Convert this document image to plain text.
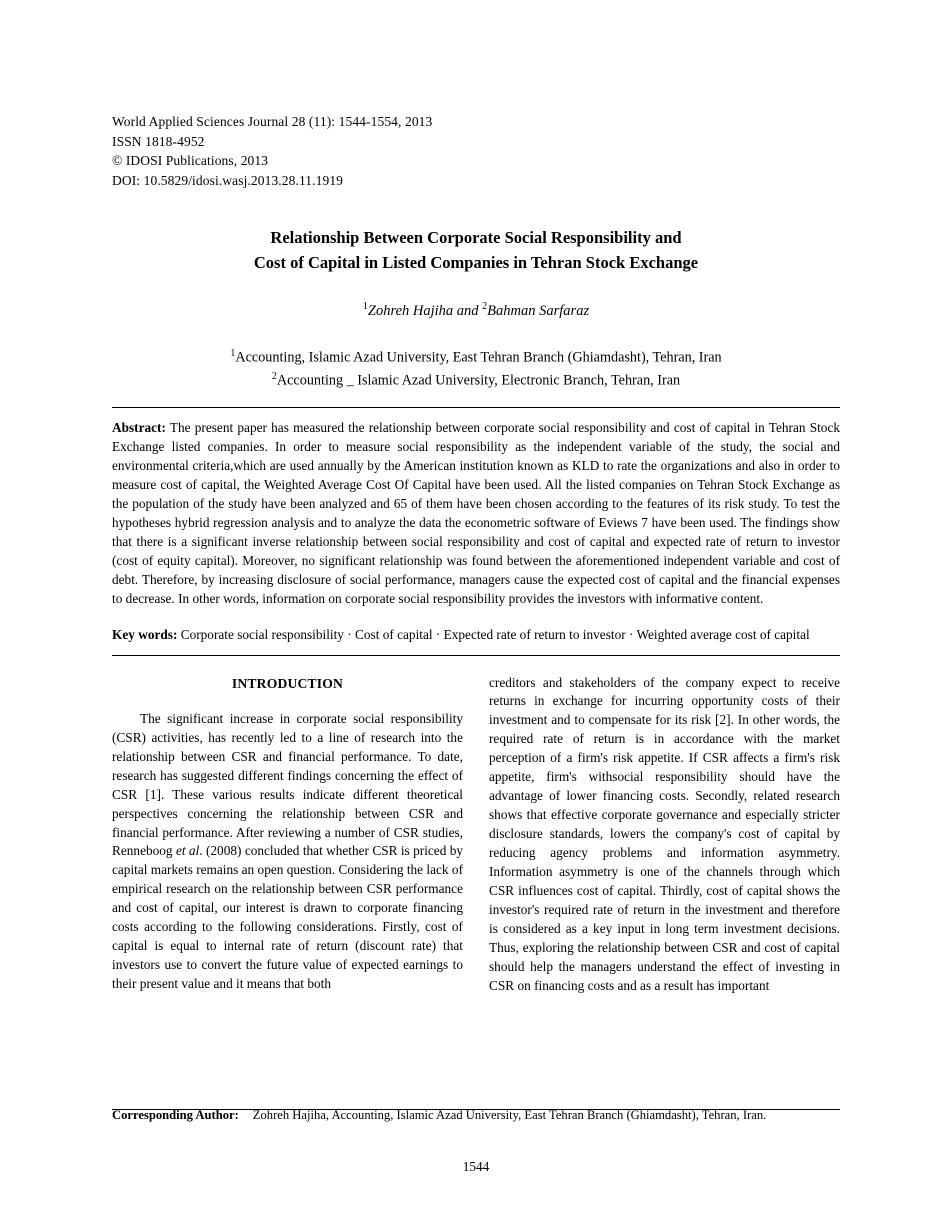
World Applied Sciences Journal 28 (11): 1544-1554, 2013
ISSN 1818-4952
© IDOSI Publications, 2013
DOI: 10.5829/idosi.wasj.2013.28.11.1919
Relationship Between Corporate Social Responsibility and
Cost of Capital in Listed Companies in Tehran Stock Exchange
$^1$Zohreh Hajiha and $^2$Bahman Sarfaraz
$^1$Accounting, Islamic Azad University, East Tehran Branch (Ghiamdasht), Tehran, Iran
$^2$Accounting _ Islamic Azad University, Electronic Branch, Tehran, Iran
Abstract: The present paper has measured the relationship between corporate social responsibility and cost of capital in Tehran Stock Exchange listed companies. In order to measure social responsibility as the independent variable of the study, the social and environmental criteria,which are used annually by the American institution known as KLD to rate the organizations and also in order to measure cost of capital, the Weighted Average Cost Of Capital have been used. All the listed companies on Tehran Stock Exchange as the population of the study have been analyzed and 65 of them have been chosen according to the features of its risk study. To test the hypotheses hybrid regression analysis and to analyze the data the econometric software of Eviews 7 have been used. The findings show that there is a significant inverse relationship between social responsibility and cost of capital and expected rate of return to investor (cost of equity capital). Moreover, no significant relationship was found between the aforementioned independent variable and cost of debt. Therefore, by increasing disclosure of social performance, managers cause the expected cost of capital and the financial expenses to decrease. In other words, information on corporate social responsibility provides the investors with informative content.
Key words: Corporate social responsibility · Cost of capital · Expected rate of return to investor · Weighted average cost of capital
INTRODUCTION

The significant increase in corporate social responsibility (CSR) activities, has recently led to a line of research into the relationship between CSR and financial performance. To date, research has suggested different findings concerning the effect of CSR [1]. These various results indicate different theoretical perspectives concerning the relationship between CSR and financial performance. After reviewing a number of CSR studies, Renneboog et al. (2008) concluded that whether CSR is priced by capital markets remains an open question. Considering the lack of empirical research on the relationship between CSR performance and cost of capital, our interest is drawn to corporate financing costs according to the following considerations. Firstly, cost of capital is equal to internal rate of return (discount rate) that investors use to convert the future value of expected earnings to their present value and it means that both

creditors and stakeholders of the company expect to receive returns in exchange for incurring opportunity costs of their investment and to compensate for its risk [2]. In other words, the required rate of return is in accordance with the market perception of a firm's risk appetite. If CSR affects a firm's risk appetite, firm's withsocial responsibility should have the advantage of lower financing costs. Secondly, related research shows that effective corporate governance and especially stricter disclosure standards, lowers the company's cost of capital by reducing agency problems and information asymmetry. Information asymmetry is one of the channels through which CSR influences cost of capital. Thirdly, cost of capital shows the investor's required rate of return in the investment and therefore is considered as a key input in long term investment decisions. Thus, exploring the relationship between CSR and cost of capital should help the managers understand the effect of investing in CSR on financing costs and as a result has important

Corresponding Author: Zohreh Hajiha, Accounting, Islamic Azad University, East Tehran Branch (Ghiamdasht), Tehran, Iran.
1544
